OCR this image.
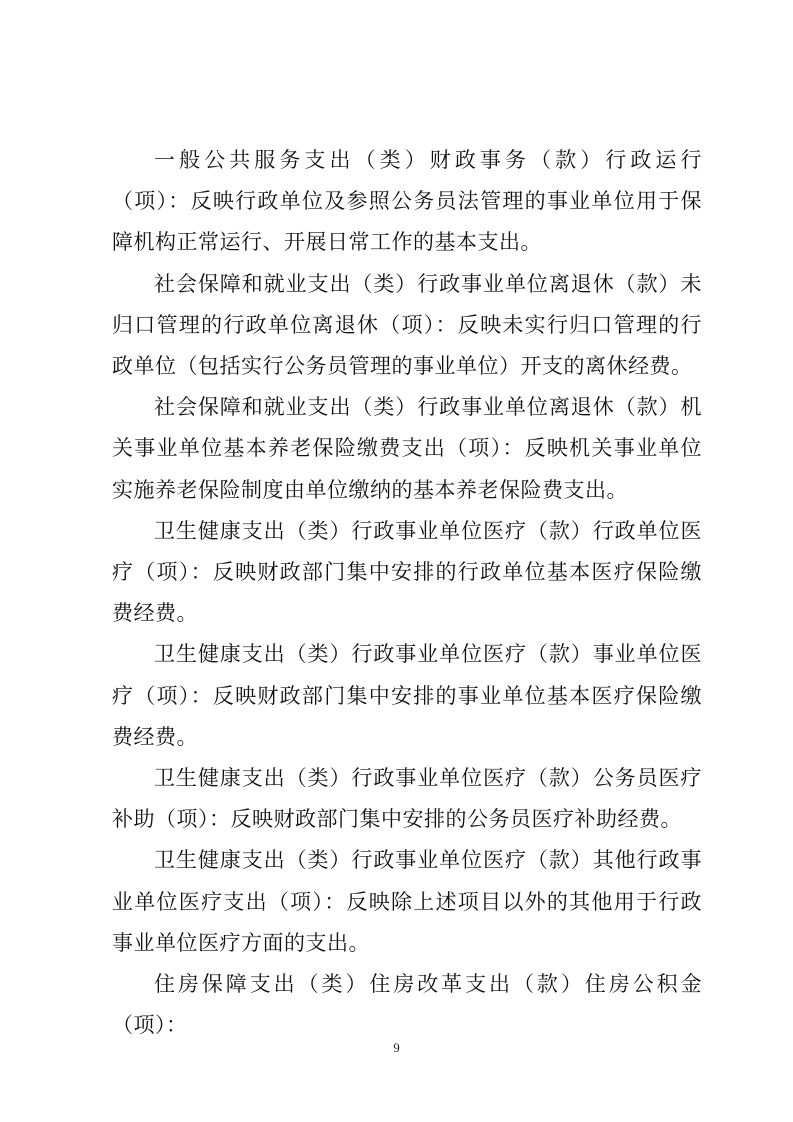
一般公共服务支出（类）财政事务（款）行政运行（项）：反映行政单位及参照公务员法管理的事业单位用于保障机构正常运行、开展日常工作的基本支出。

社会保障和就业支出（类）行政事业单位离退休（款）未归口管理的行政单位离退休（项）：反映未实行归口管理的行政单位（包括实行公务员管理的事业单位）开支的离休经费。

社会保障和就业支出（类）行政事业单位离退休（款）机关事业单位基本养老保险缴费支出（项）：反映机关事业单位实施养老保险制度由单位缴纳的基本养老保险费支出。

卫生健康支出（类）行政事业单位医疗（款）行政单位医疗（项）：反映财政部门集中安排的行政单位基本医疗保险缴费经费。

卫生健康支出（类）行政事业单位医疗（款）事业单位医疗（项）：反映财政部门集中安排的事业单位基本医疗保险缴费经费。

卫生健康支出（类）行政事业单位医疗（款）公务员医疗补助（项）：反映财政部门集中安排的公务员医疗补助经费。

卫生健康支出（类）行政事业单位医疗（款）其他行政事业单位医疗支出（项）：反映除上述项目以外的其他用于行政事业单位医疗方面的支出。

住房保障支出（类）住房改革支出（款）住房公积金（项）：

9
